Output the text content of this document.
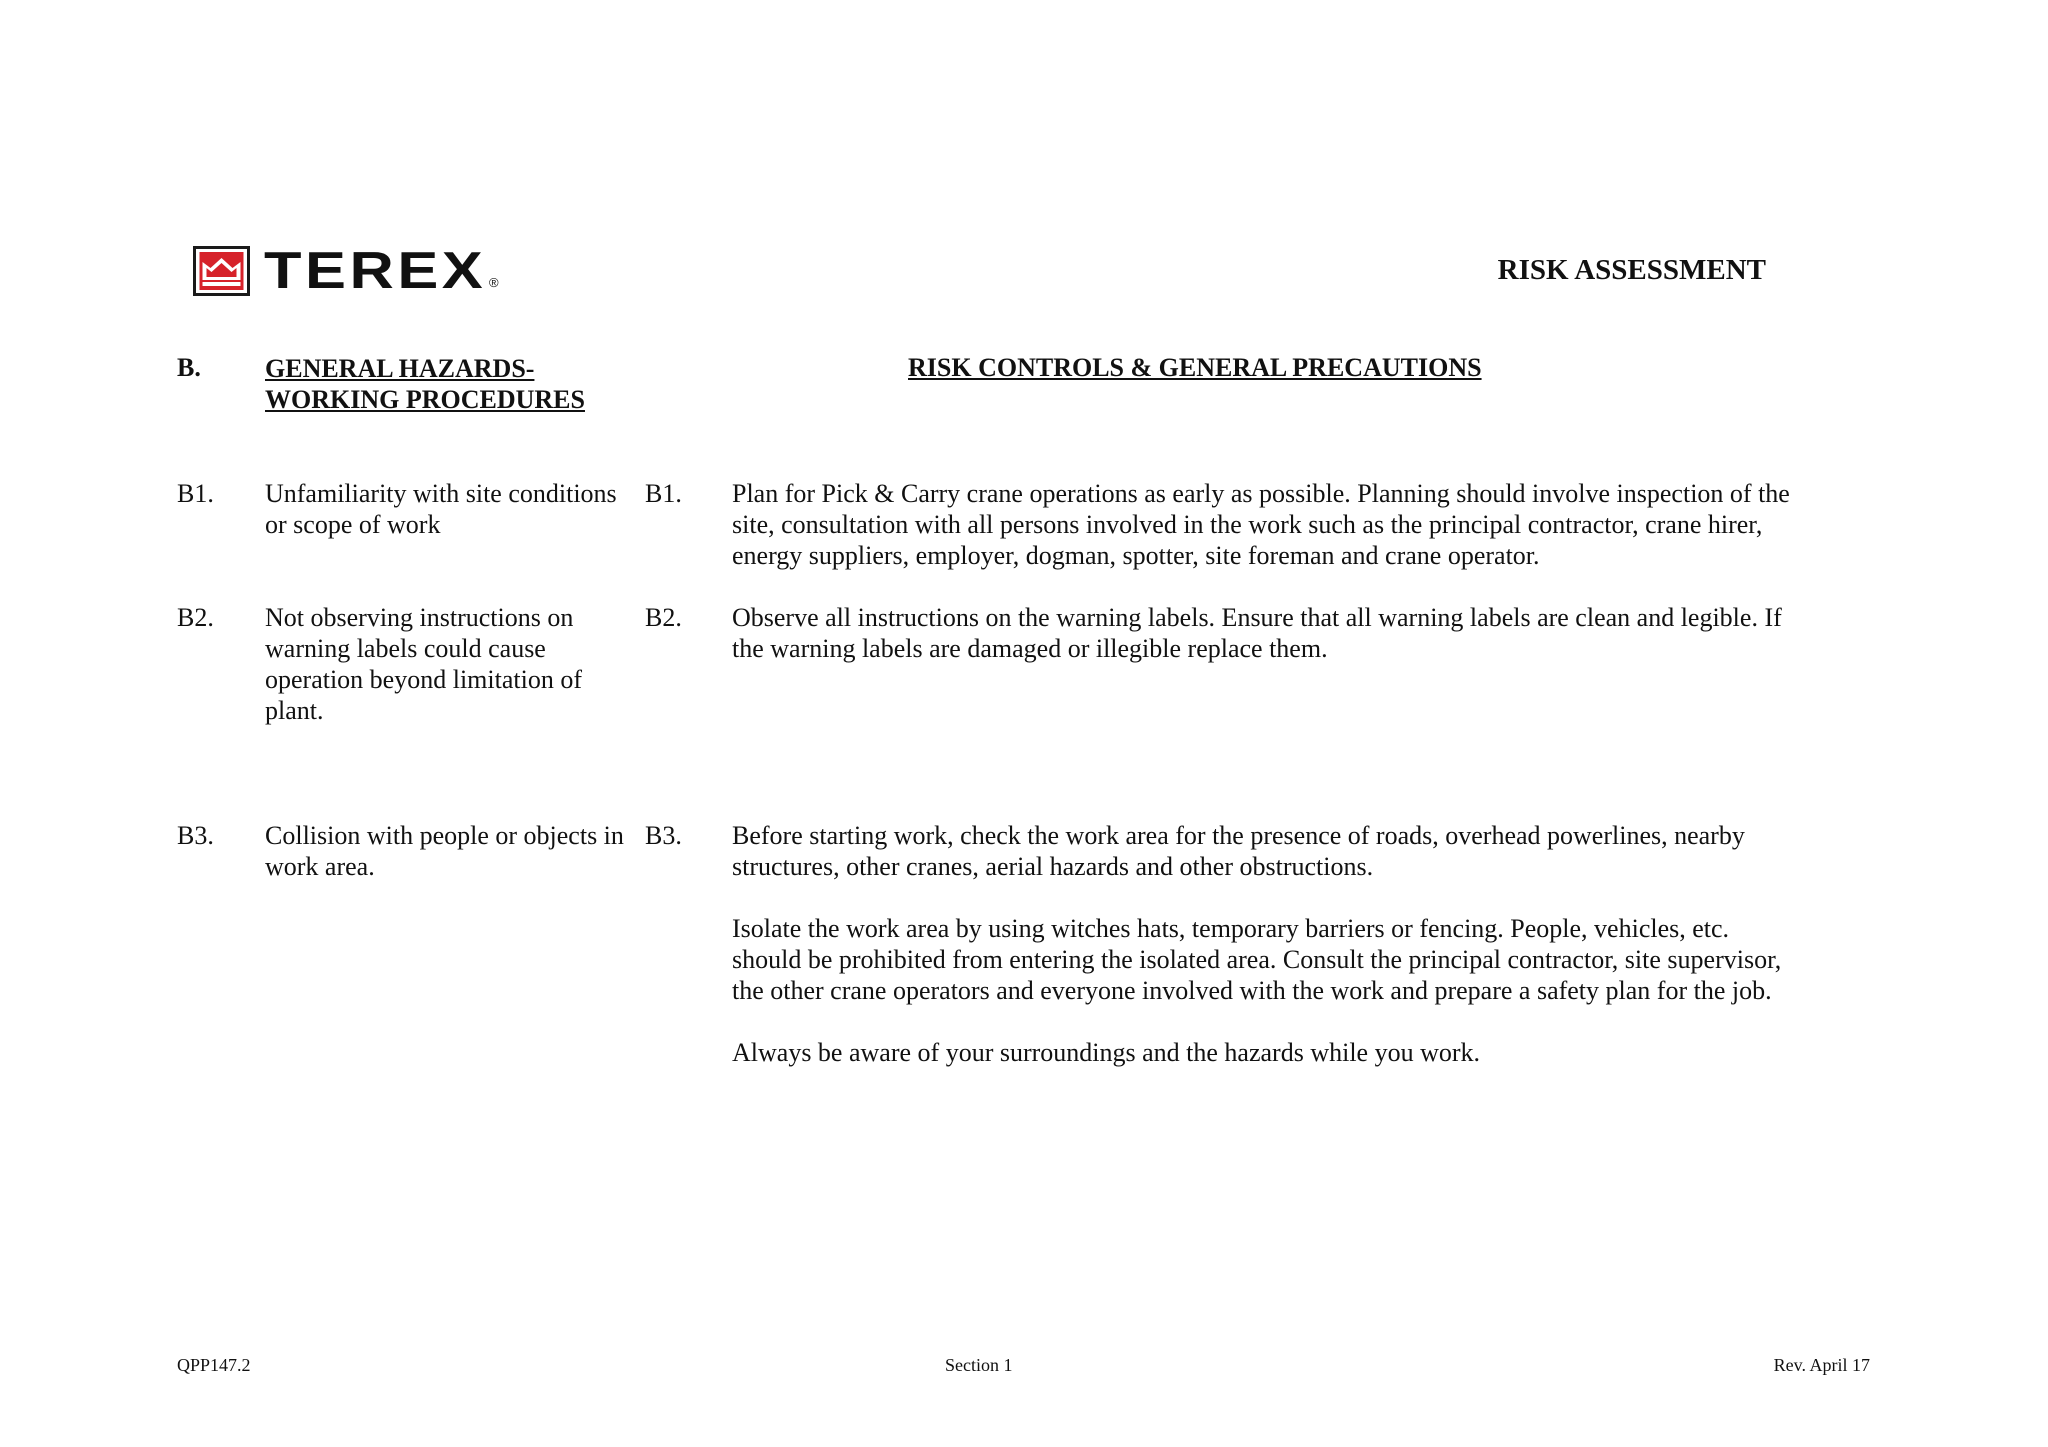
TEREX ®	RISK ASSESSMENT
B. GENERAL HAZARDS-
WORKING PROCEDURES
RISK CONTROLS & GENERAL PRECAUTIONS
B1. Unfamiliarity with site conditions or scope of work
B1. Plan for Pick & Carry crane operations as early as possible. Planning should involve inspection of the site, consultation with all persons involved in the work such as the principal contractor, crane hirer, energy suppliers, employer, dogman, spotter, site foreman and crane operator.

B2. Not observing instructions on warning labels could cause operation beyond limitation of plant.
B2. Observe all instructions on the warning labels. Ensure that all warning labels are clean and legible. If the warning labels are damaged or illegible replace them.

B3. Collision with people or objects in work area.
B3. Before starting work, check the work area for the presence of roads, overhead powerlines, nearby structures, other cranes, aerial hazards and other obstructions.

Isolate the work area by using witches hats, temporary barriers or fencing. People, vehicles, etc. should be prohibited from entering the isolated area. Consult the principal contractor, site supervisor, the other crane operators and everyone involved with the work and prepare a safety plan for the job.

Always be aware of your surroundings and the hazards while you work.

QPP147.2	Section 1	Rev. April 17
